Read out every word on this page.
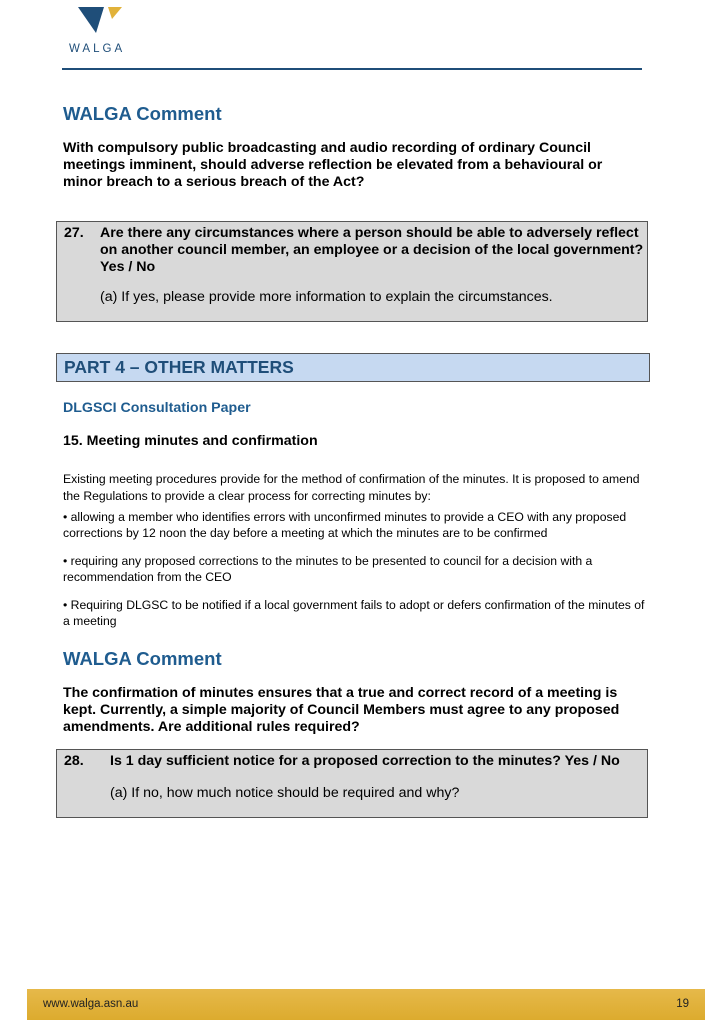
WALGA
WALGA Comment

With compulsory public broadcasting and audio recording of ordinary Council meetings imminent, should adverse reflection be elevated from a behavioural or minor breach to a serious breach of the Act?

27. Are there any circumstances where a person should be able to adversely reflect on another council member, an employee or a decision of the local government? Yes / No
(a) If yes, please provide more information to explain the circumstances.
PART 4 – OTHER MATTERS
DLGSCI Consultation Paper
15. Meeting minutes and confirmation

Existing meeting procedures provide for the method of confirmation of the minutes. It is proposed to amend the Regulations to provide a clear process for correcting minutes by:

• allowing a member who identifies errors with unconfirmed minutes to provide a CEO with any proposed corrections by 12 noon the day before a meeting at which the minutes are to be confirmed

• requiring any proposed corrections to the minutes to be presented to council for a decision with a recommendation from the CEO

• Requiring DLGSC to be notified if a local government fails to adopt or defers confirmation of the minutes of a meeting

WALGA Comment

The confirmation of minutes ensures that a true and correct record of a meeting is kept. Currently, a simple majority of Council Members must agree to any proposed amendments. Are additional rules required?

28. Is 1 day sufficient notice for a proposed correction to the minutes? Yes / No
(a) If no, how much notice should be required and why?
www.walga.asn.au	19
